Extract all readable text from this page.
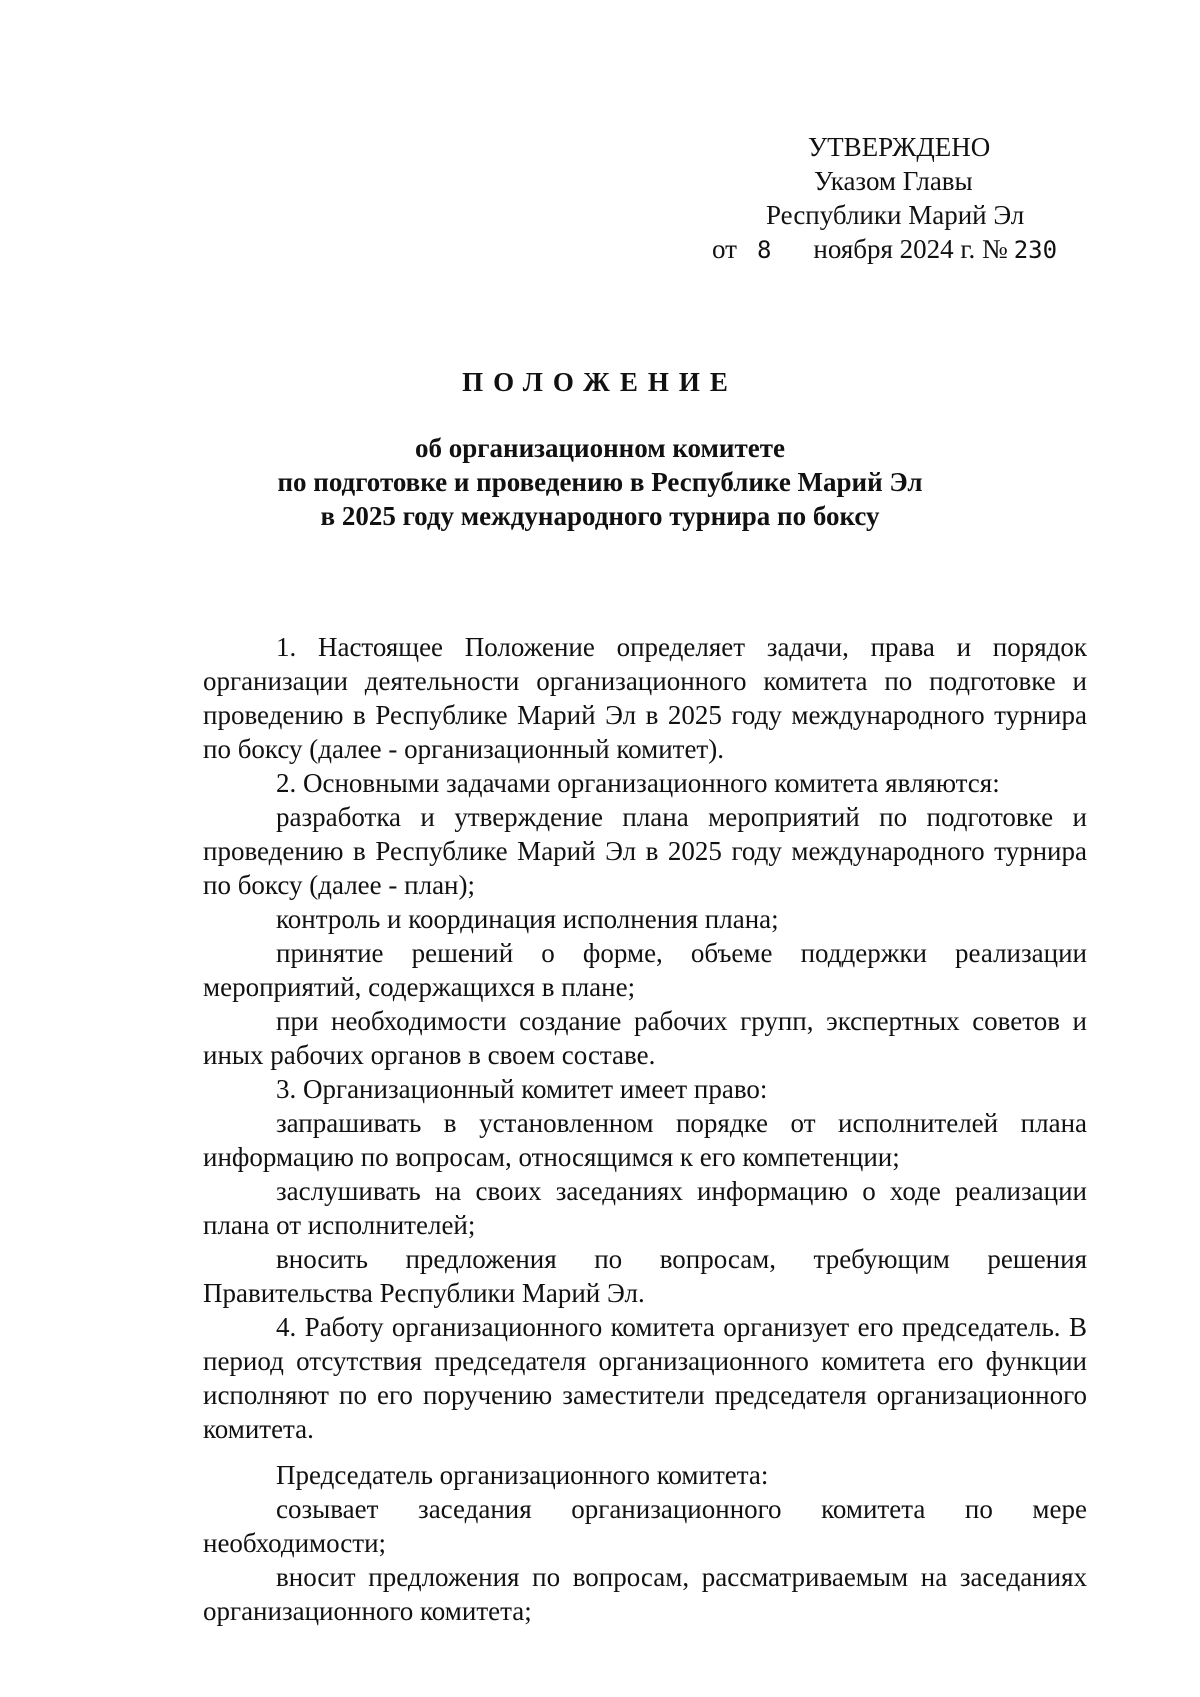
УТВЕРЖДЕНО
Указом Главы
Республики Марий Эл
от 8 ноября 2024 г. № 230
ПОЛОЖЕНИЕ
об организационном комитете
по подготовке и проведению в Республике Марий Эл
в 2025 году международного турнира по боксу

1. Настоящее Положение определяет задачи, права и порядок организации деятельности организационного комитета по подготовке и проведению в Республике Марий Эл в 2025 году международного турнира по боксу (далее - организационный комитет).

2. Основными задачами организационного комитета являются:

разработка и утверждение плана мероприятий по подготовке и проведению в Республике Марий Эл в 2025 году международного турнира по боксу (далее - план);

контроль и координация исполнения плана;

принятие решений о форме, объеме поддержки реализации мероприятий, содержащихся в плане;

при необходимости создание рабочих групп, экспертных советов и иных рабочих органов в своем составе.

3. Организационный комитет имеет право:

запрашивать в установленном порядке от исполнителей плана информацию по вопросам, относящимся к его компетенции;

заслушивать на своих заседаниях информацию о ходе реализации плана от исполнителей;

вносить предложения по вопросам, требующим решения Правительства Республики Марий Эл.

4. Работу организационного комитета организует его председатель. В период отсутствия председателя организационного комитета его функции исполняют по его поручению заместители председателя организационного комитета.

Председатель организационного комитета:

созывает заседания организационного комитета по мере необходимости;

вносит предложения по вопросам, рассматриваемым на заседаниях организационного комитета;
